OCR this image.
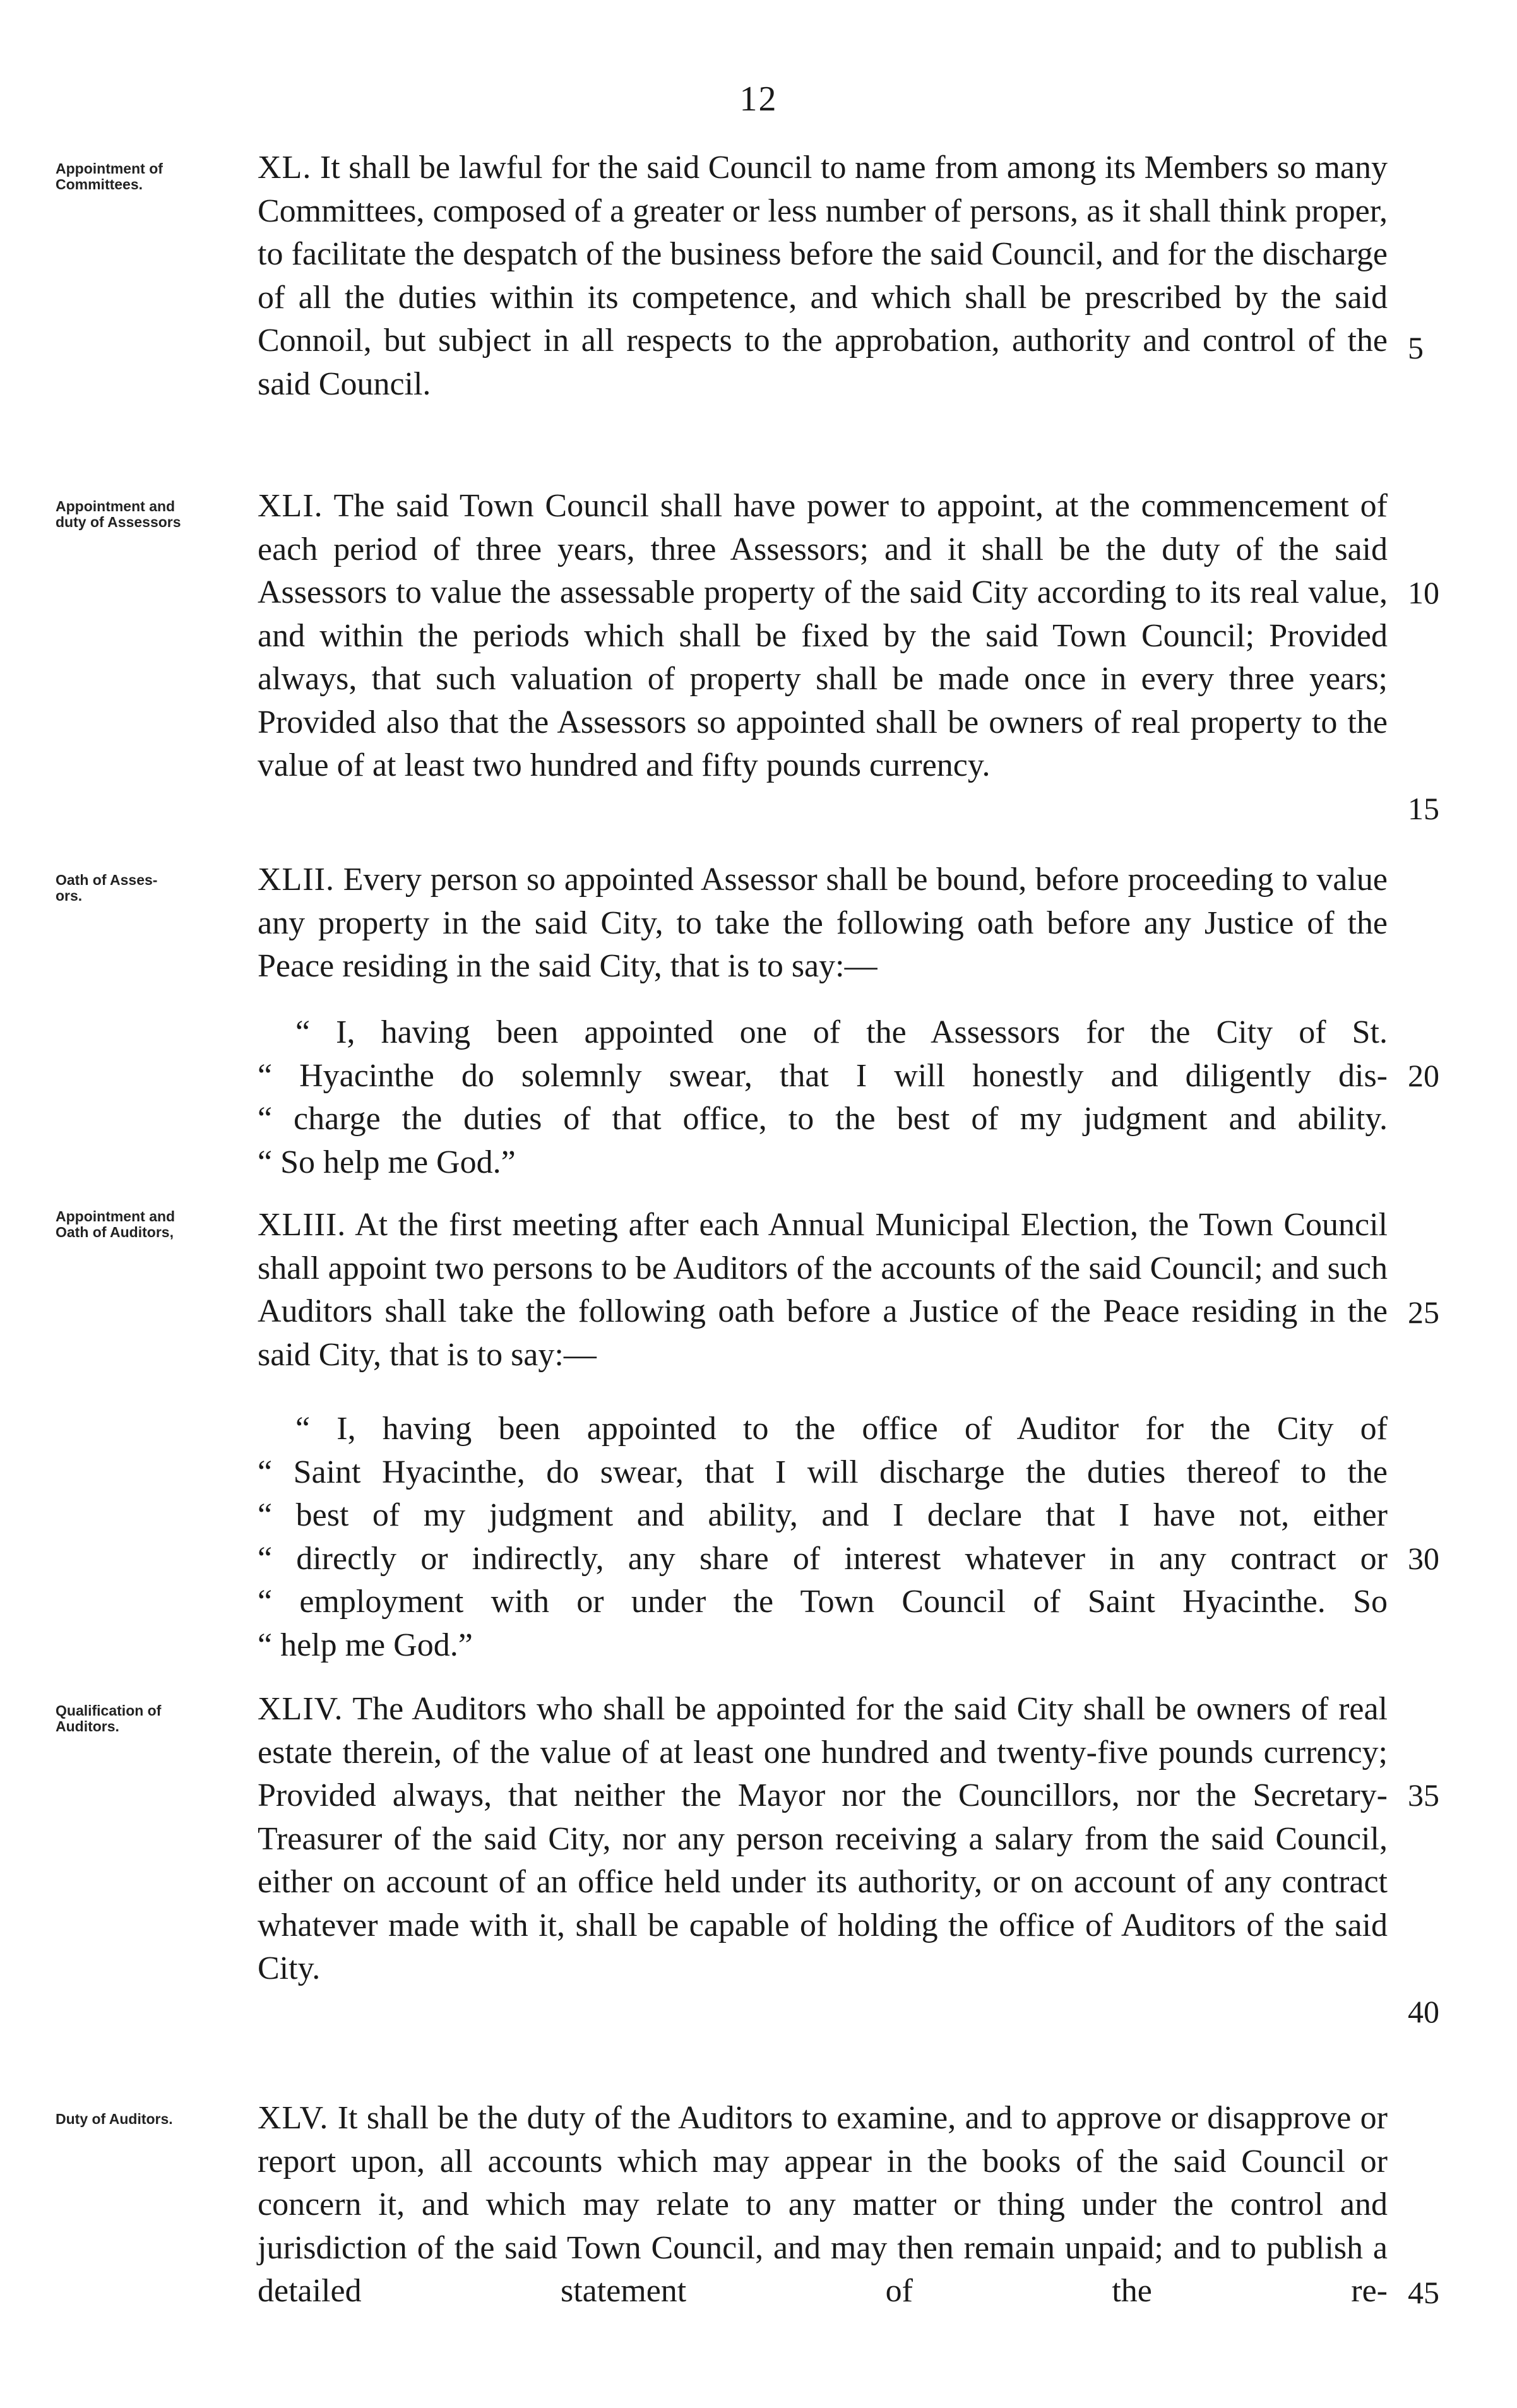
12
Appointment of
Committees.	XL. It shall be lawful for the said Council to name from among its Members so many Committees, composed of a greater or less number of persons, as it shall think proper, to facilitate the despatch of the business before the said Council, and for the discharge of all the duties within its competence, and which shall be prescribed by the said Connoil, but subject in all respects to the approbation, authority and control of the said Council.

Appointment and
duty of Assessors	XLI. The said Town Council shall have power to appoint, at the commencement of each period of three years, three Assessors; and it shall be the duty of the said Assessors to value the assessable property of the said City according to its real value, and within the periods which shall be fixed by the said Town Council; Provided always, that such valuation of property shall be made once in every three years; Provided also that the Assessors so appointed shall be owners of real property to the value of at least two hundred and fifty pounds currency.

Oath of Asses-
ors.	XLII. Every person so appointed Assessor shall be bound, before proceeding to value any property in the said City, to take the following oath before any Justice of the Peace residing in the said City, that is to say:—

“ I, having been appointed one of the Assessors for the City of St.
“ Hyacinthe do solemnly swear, that I will honestly and diligently dis-
“ charge the duties of that office, to the best of my judgment and ability.
“ So help me God.”
Appointment and
Oath of Auditors,	XLIII. At the first meeting after each Annual Municipal Election, the Town Council shall appoint two persons to be Auditors of the accounts of the said Council; and such Auditors shall take the following oath before a Justice of the Peace residing in the said City, that is to say:—

“ I, having been appointed to the office of Auditor for the City of
“ Saint Hyacinthe, do swear, that I will discharge the duties thereof to the
“ best of my judgment and ability, and I declare that I have not, either
“ directly or indirectly, any share of interest whatever in any contract or
“ employment with or under the Town Council of Saint Hyacinthe. So
“ help me God.”
Qualification of
Auditors.	XLIV. The Auditors who shall be appointed for the said City shall be owners of real estate therein, of the value of at least one hundred and twenty-five pounds currency; Provided always, that neither the Mayor nor the Councillors, nor the Secretary-Treasurer of the said City, nor any person receiving a salary from the said Council, either on account of an office held under its authority, or on account of any contract whatever made with it, shall be capable of holding the office of Auditors of the said City.

Duty of Auditors.	XLV. It shall be the duty of the Auditors to examine, and to approve or disapprove or report upon, all accounts which may appear in the books of the said Council or concern it, and which may relate to any matter or thing under the control and jurisdiction of the said Town Council, and may then remain unpaid; and to publish a detailed statement of the re-

5
10
15
20
25
30
35
40
45
